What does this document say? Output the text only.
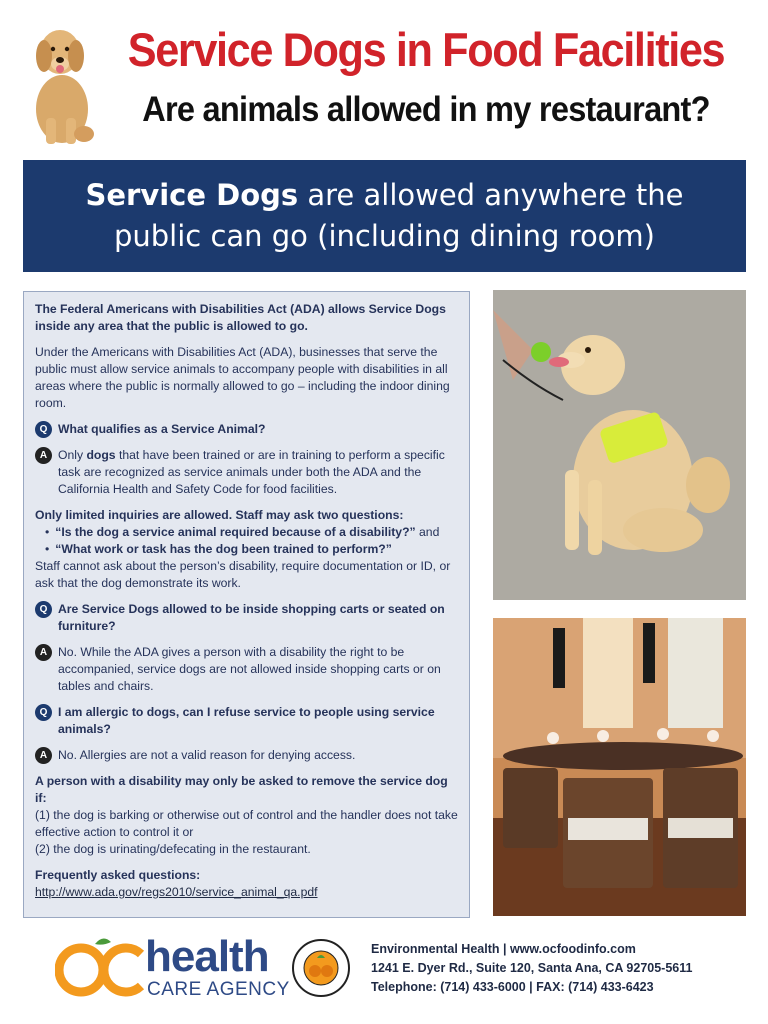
Service Dogs in Food Facilities
Are animals allowed in my restaurant?
Service Dogs are allowed anywhere the
public can go (including dining room)

The Federal Americans with Disabilities Act (ADA) allows Service Dogs inside any area that the public is allowed to go.

Under the Americans with Disabilities Act (ADA), businesses that serve the public must allow service animals to accompany people with disabilities in all areas where the public is normally allowed to go – including the indoor dining room.

Q What qualifies as a Service Animal?
A Only dogs that have been trained or are in training to perform a specific task are recognized as service animals under both the ADA and the California Health and Safety Code for food facilities.

Only limited inquiries are allowed. Staff may ask two questions:

• “Is the dog a service animal required because of a disability?” and
• “What work or task has the dog been trained to perform?”

Staff cannot ask about the person’s disability, require documentation or ID, or ask that the dog demonstrate its work.

Q Are Service Dogs allowed to be inside shopping carts or seated on furniture?
A No. While the ADA gives a person with a disability the right to be accompanied, service dogs are not allowed inside shopping carts or on tables and chairs.
Q I am allergic to dogs, can I refuse service to people using service animals?
A No. Allergies are not a valid reason for denying access.

A person with a disability may only be asked to remove the service dog if:

(1) the dog is barking or otherwise out of control and the handler does not take effective action to control it or

(2) the dog is urinating/defecating in the restaurant.

Frequently asked questions:

http://www.ada.gov/regs2010/service_animal_qa.pdf
health
CARE AGENCY
Environmental Health | www.ocfoodinfo.com
1241 E. Dyer Rd., Suite 120, Santa Ana, CA 92705-5611
Telephone: (714) 433-6000 | FAX: (714) 433-6423
